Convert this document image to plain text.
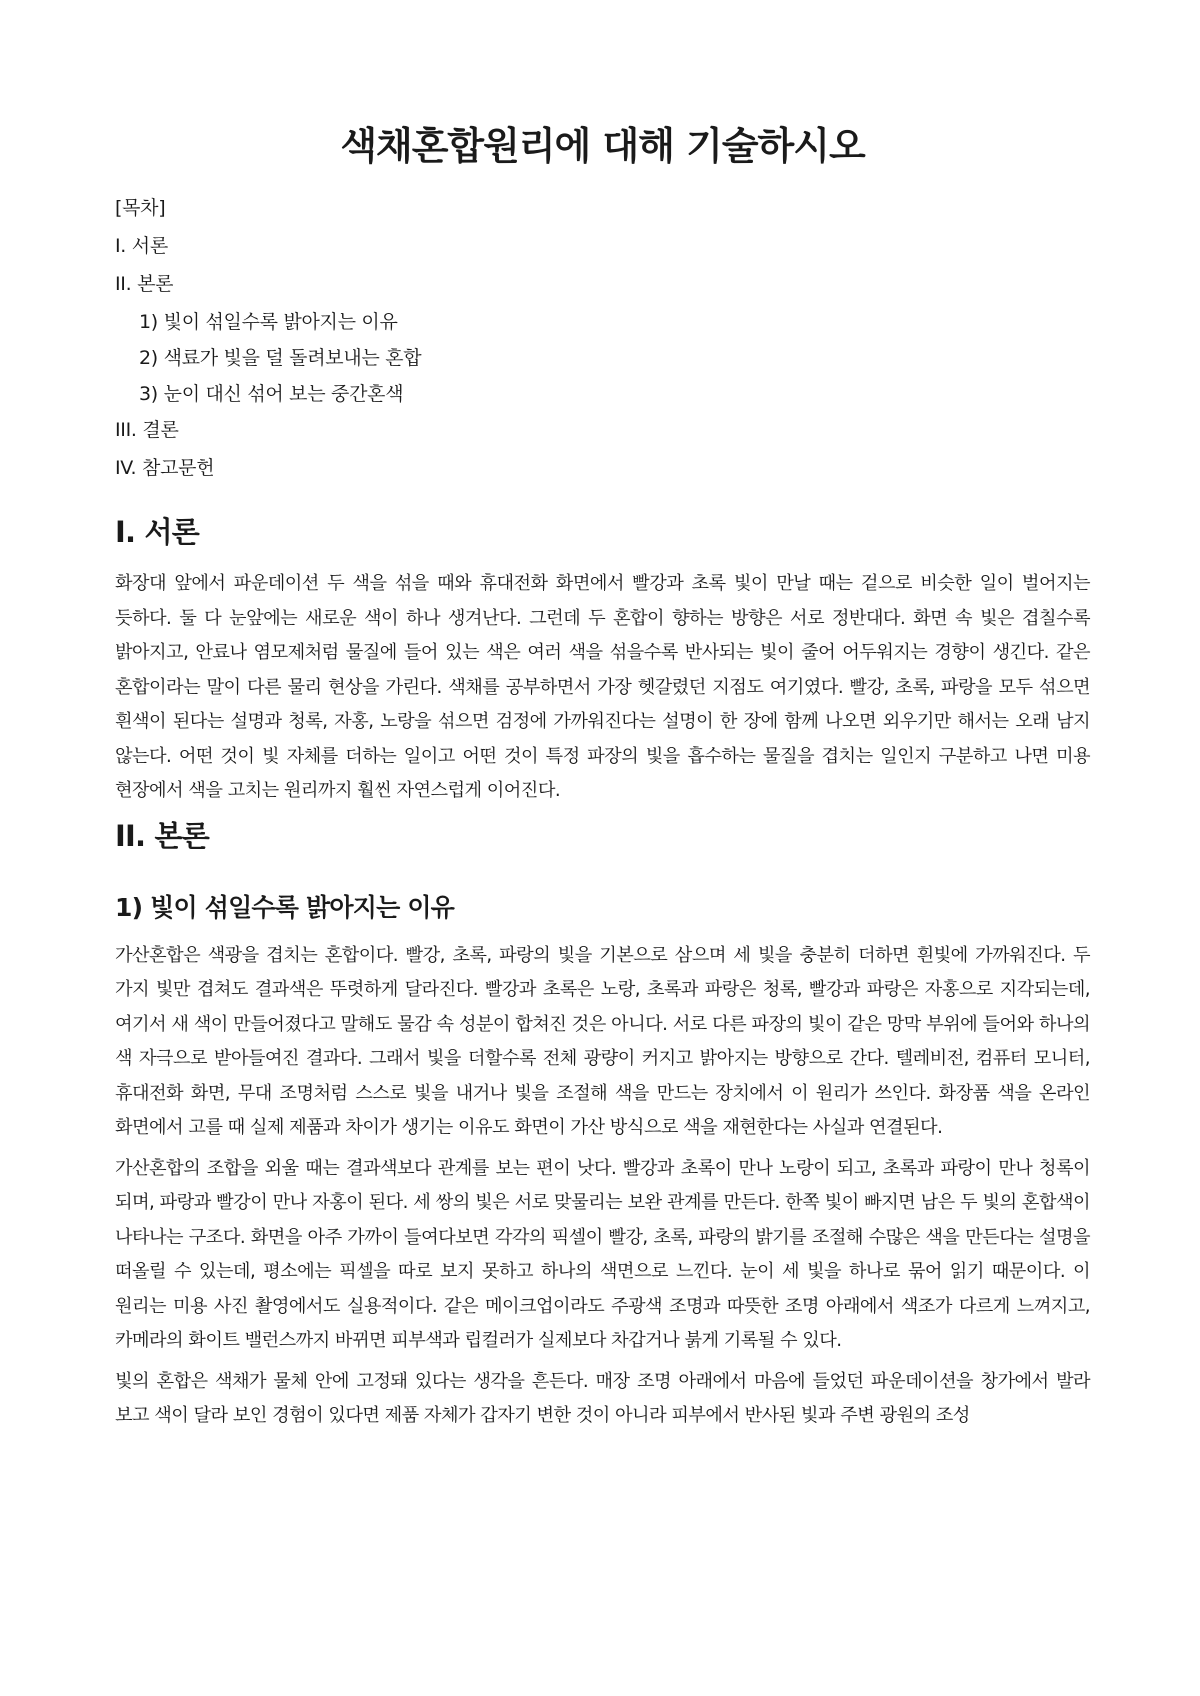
색채혼합원리에 대해 기술하시오
[목차]
I. 서론
II. 본론
1) 빛이 섞일수록 밝아지는 이유
2) 색료가 빛을 덜 돌려보내는 혼합
3) 눈이 대신 섞어 보는 중간혼색
III. 결론
IV. 참고문헌
I. 서론

화장대 앞에서 파운데이션 두 색을 섞을 때와 휴대전화 화면에서 빨강과 초록 빛이 만날 때는 겉으로 비슷한 일이 벌어지는 듯하다. 둘 다 눈앞에는 새로운 색이 하나 생겨난다. 그런데 두 혼합이 향하는 방향은 서로 정반대다. 화면 속 빛은 겹칠수록 밝아지고, 안료나 염모제처럼 물질에 들어 있는 색은 여러 색을 섞을수록 반사되는 빛이 줄어 어두워지는 경향이 생긴다. 같은 혼합이라는 말이 다른 물리 현상을 가린다. 색채를 공부하면서 가장 헷갈렸던 지점도 여기였다. 빨강, 초록, 파랑을 모두 섞으면 흰색이 된다는 설명과 청록, 자홍, 노랑을 섞으면 검정에 가까워진다는 설명이 한 장에 함께 나오면 외우기만 해서는 오래 남지 않는다. 어떤 것이 빛 자체를 더하는 일이고 어떤 것이 특정 파장의 빛을 흡수하는 물질을 겹치는 일인지 구분하고 나면 미용 현장에서 색을 고치는 원리까지 훨씬 자연스럽게 이어진다.

II. 본론
1) 빛이 섞일수록 밝아지는 이유

가산혼합은 색광을 겹치는 혼합이다. 빨강, 초록, 파랑의 빛을 기본으로 삼으며 세 빛을 충분히 더하면 흰빛에 가까워진다. 두 가지 빛만 겹쳐도 결과색은 뚜렷하게 달라진다. 빨강과 초록은 노랑, 초록과 파랑은 청록, 빨강과 파랑은 자홍으로 지각되는데, 여기서 새 색이 만들어졌다고 말해도 물감 속 성분이 합쳐진 것은 아니다. 서로 다른 파장의 빛이 같은 망막 부위에 들어와 하나의 색 자극으로 받아들여진 결과다. 그래서 빛을 더할수록 전체 광량이 커지고 밝아지는 방향으로 간다. 텔레비전, 컴퓨터 모니터, 휴대전화 화면, 무대 조명처럼 스스로 빛을 내거나 빛을 조절해 색을 만드는 장치에서 이 원리가 쓰인다. 화장품 색을 온라인 화면에서 고를 때 실제 제품과 차이가 생기는 이유도 화면이 가산 방식으로 색을 재현한다는 사실과 연결된다.

가산혼합의 조합을 외울 때는 결과색보다 관계를 보는 편이 낫다. 빨강과 초록이 만나 노랑이 되고, 초록과 파랑이 만나 청록이 되며, 파랑과 빨강이 만나 자홍이 된다. 세 쌍의 빛은 서로 맞물리는 보완 관계를 만든다. 한쪽 빛이 빠지면 남은 두 빛의 혼합색이 나타나는 구조다. 화면을 아주 가까이 들여다보면 각각의 픽셀이 빨강, 초록, 파랑의 밝기를 조절해 수많은 색을 만든다는 설명을 떠올릴 수 있는데, 평소에는 픽셀을 따로 보지 못하고 하나의 색면으로 느낀다. 눈이 세 빛을 하나로 묶어 읽기 때문이다. 이 원리는 미용 사진 촬영에서도 실용적이다. 같은 메이크업이라도 주광색 조명과 따뜻한 조명 아래에서 색조가 다르게 느껴지고, 카메라의 화이트 밸런스까지 바뀌면 피부색과 립컬러가 실제보다 차갑거나 붉게 기록될 수 있다.

빛의 혼합은 색채가 물체 안에 고정돼 있다는 생각을 흔든다. 매장 조명 아래에서 마음에 들었던 파운데이션을 창가에서 발라 보고 색이 달라 보인 경험이 있다면 제품 자체가 갑자기 변한 것이 아니라 피부에서 반사된 빛과 주변 광원의 조성
